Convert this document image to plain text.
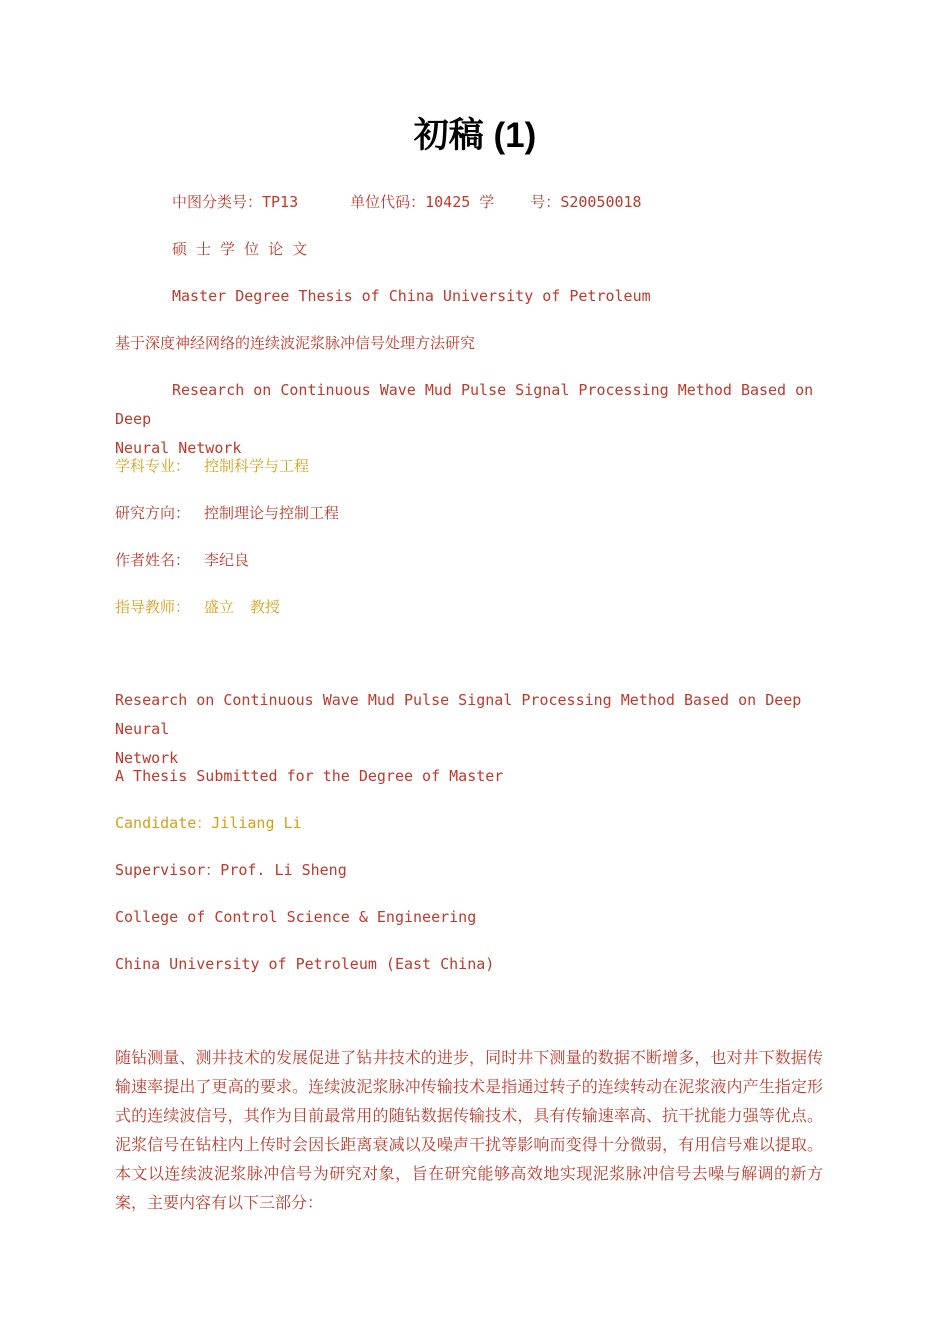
初稿 (1)
中图分类号：TP13	单位代码：10425 学 号：S20050018
硕 士 学 位 论 文
Master Degree Thesis of China University of Petroleum
基于深度神经网络的连续波泥浆脉冲信号处理方法研究
Research on Continuous Wave Mud Pulse Signal Processing Method Based on Deep
Neural Network
学科专业： 控制科学与工程
研究方向： 控制理论与控制工程
作者姓名： 李纪良
指导教师： 盛立 教授
Research on Continuous Wave Mud Pulse Signal Processing Method Based on Deep Neural
Network
A Thesis Submitted for the Degree of Master
Candidate：Jiliang Li
Supervisor：Prof. Li Sheng
College of Control Science & Engineering
China University of Petroleum (East China)
随钻测量、测井技术的发展促进了钻井技术的进步，同时井下测量的数据不断增多，也对井下数据传输速率提出了更高的要求。连续波泥浆脉冲传输技术是指通过转子的连续转动在泥浆液内产生指定形式的连续波信号，其作为目前最常用的随钻数据传输技术，具有传输速率高、抗干扰能力强等优点。泥浆信号在钻柱内上传时会因长距离衰减以及噪声干扰等影响而变得十分微弱，有用信号难以提取。本文以连续波泥浆脉冲信号为研究对象，旨在研究能够高效地实现泥浆脉冲信号去噪与解调的新方案，主要内容有以下三部分：
